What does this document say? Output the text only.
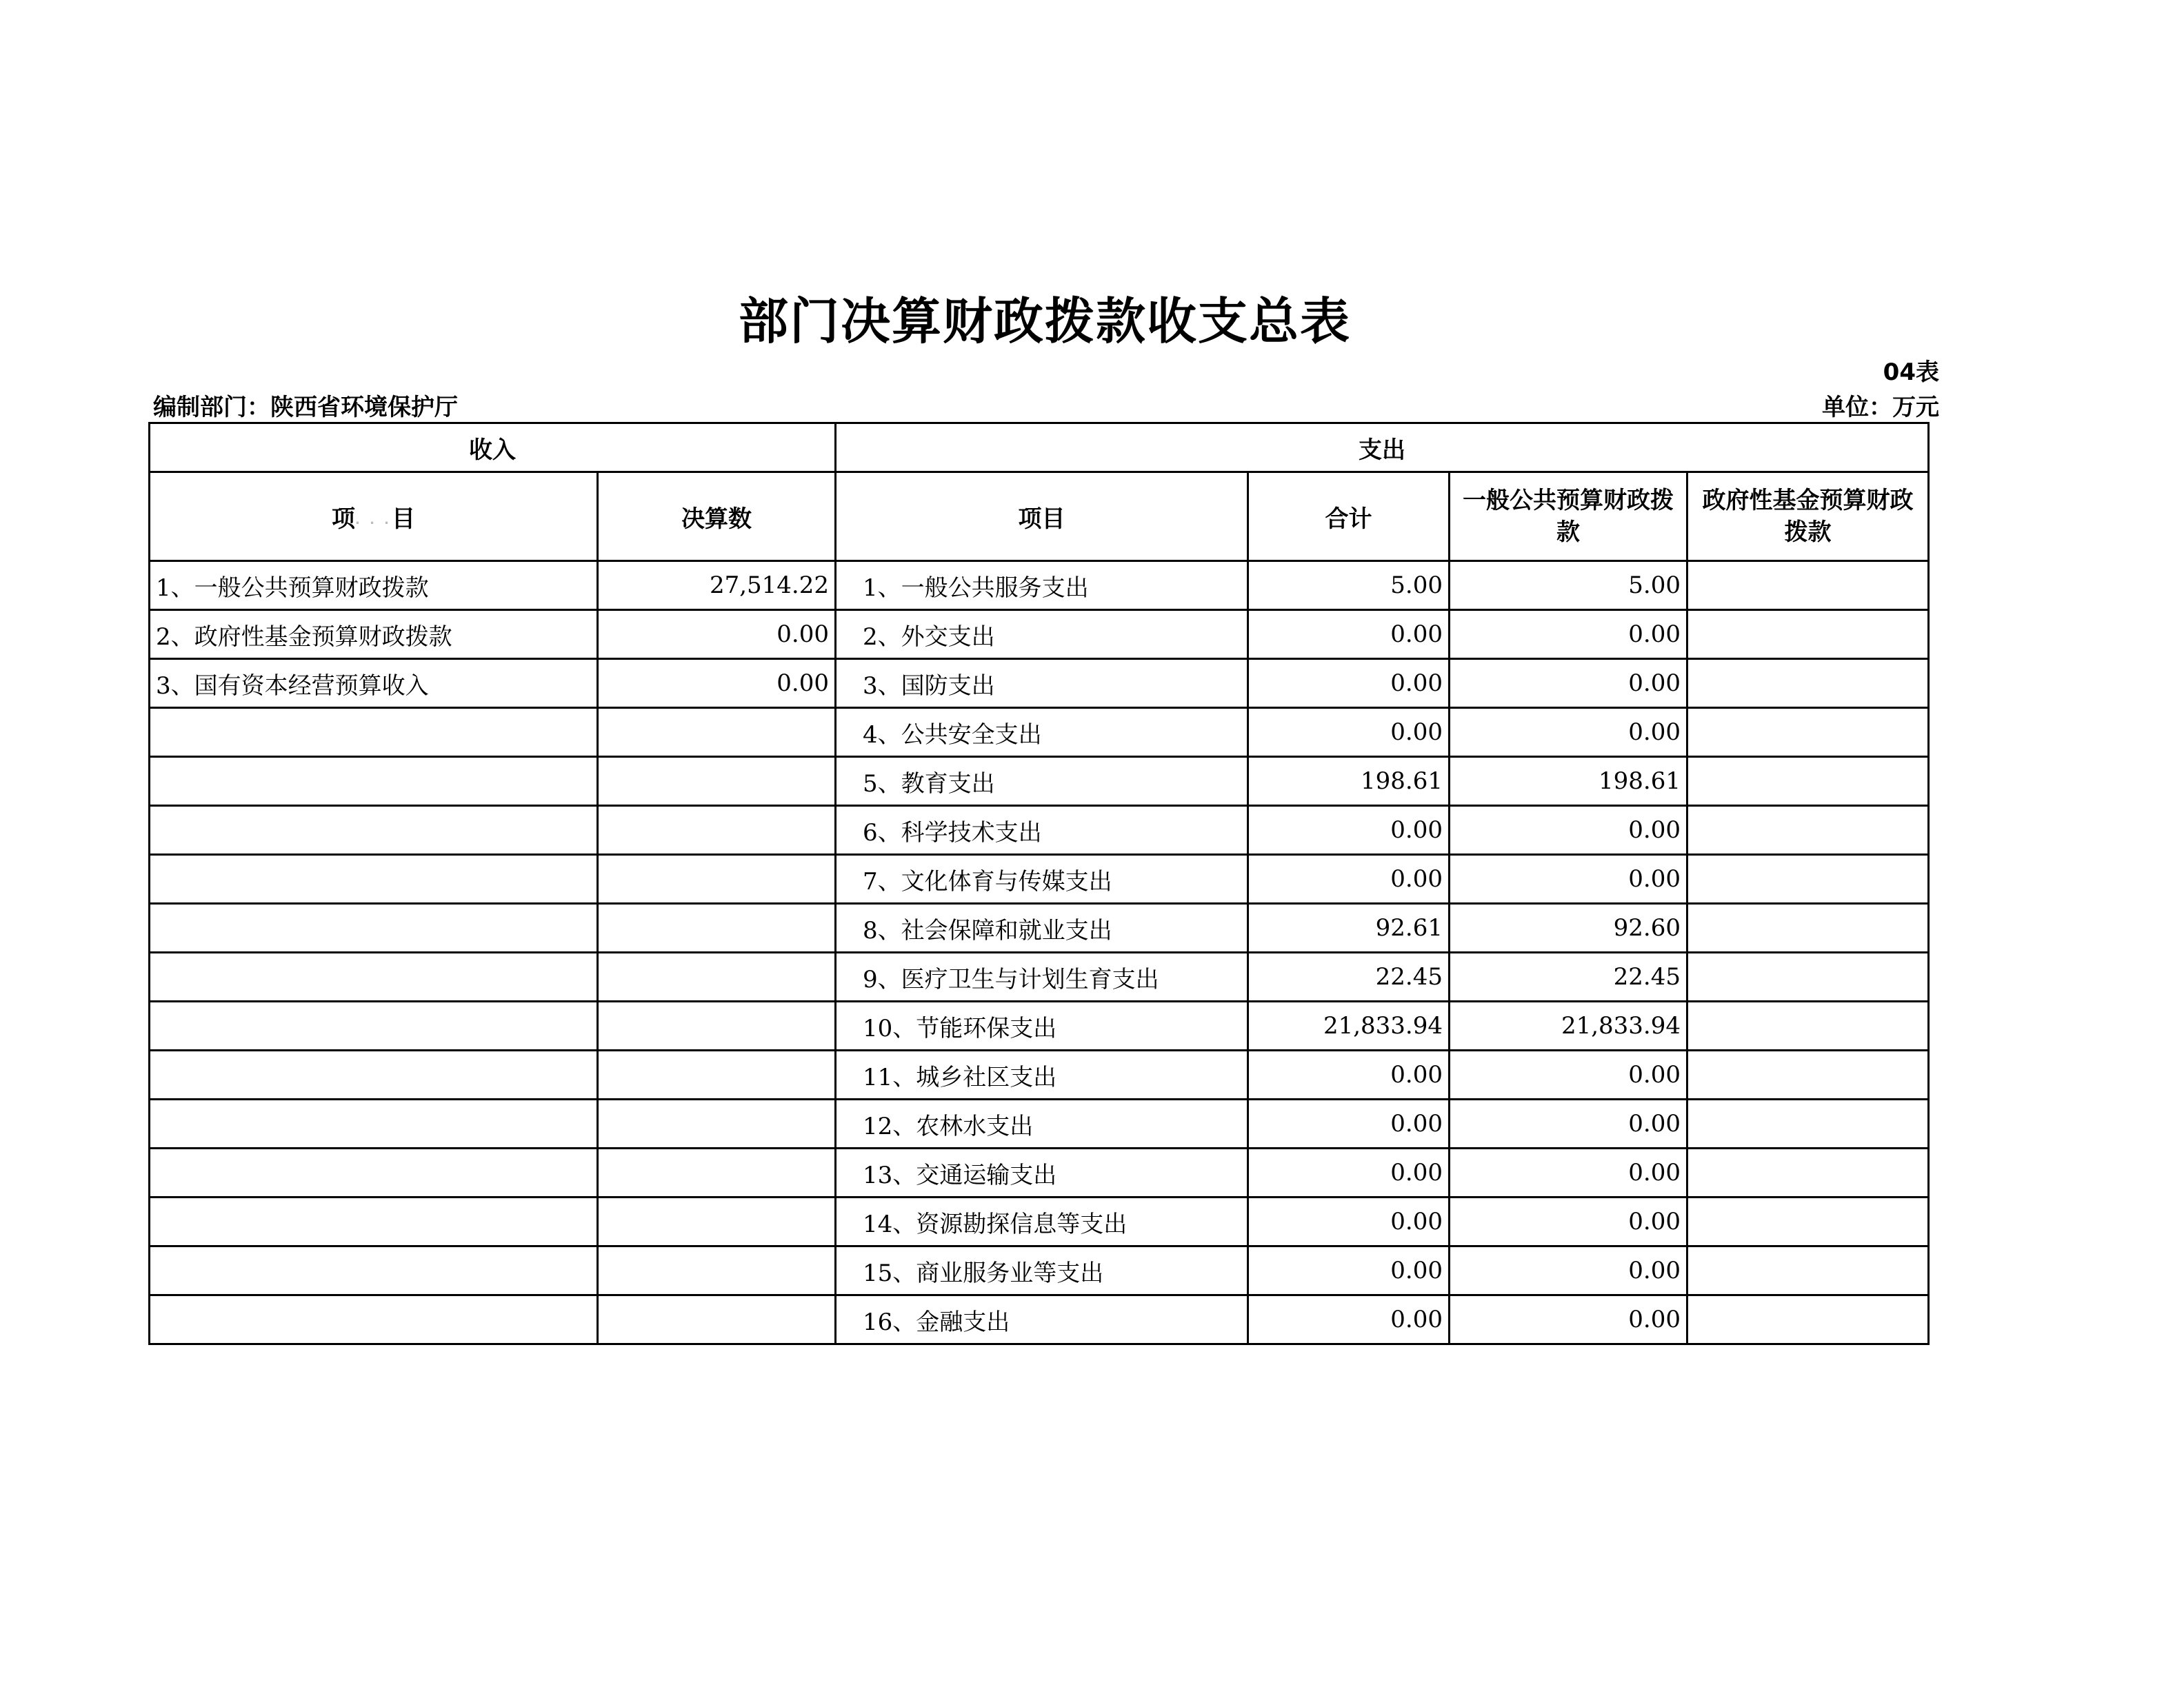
部门决算财政拨款收支总表
04表
编制部门：陕西省环境保护厅	单位：万元
收入		支出			
项. . .目	决算数	项目	合计	一般公共预算财政拨款	政府性基金预算财政拨款
1、一般公共预算财政拨款	27,514.22	1、一般公共服务支出	5.00	5.00	
2、政府性基金预算财政拨款	0.00	2、外交支出	0.00	0.00	
3、国有资本经营预算收入	0.00	3、国防支出	0.00	0.00	
		4、公共安全支出	0.00	0.00	
		5、教育支出	198.61	198.61	
		6、科学技术支出	0.00	0.00	
		7、文化体育与传媒支出	0.00	0.00	
		8、社会保障和就业支出	92.61	92.60	
		9、医疗卫生与计划生育支出	22.45	22.45	
		10、节能环保支出	21,833.94	21,833.94	
		11、城乡社区支出	0.00	0.00	
		12、农林水支出	0.00	0.00	
		13、交通运输支出	0.00	0.00	
		14、资源勘探信息等支出	0.00	0.00	
		15、商业服务业等支出	0.00	0.00	
		16、金融支出	0.00	0.00	
